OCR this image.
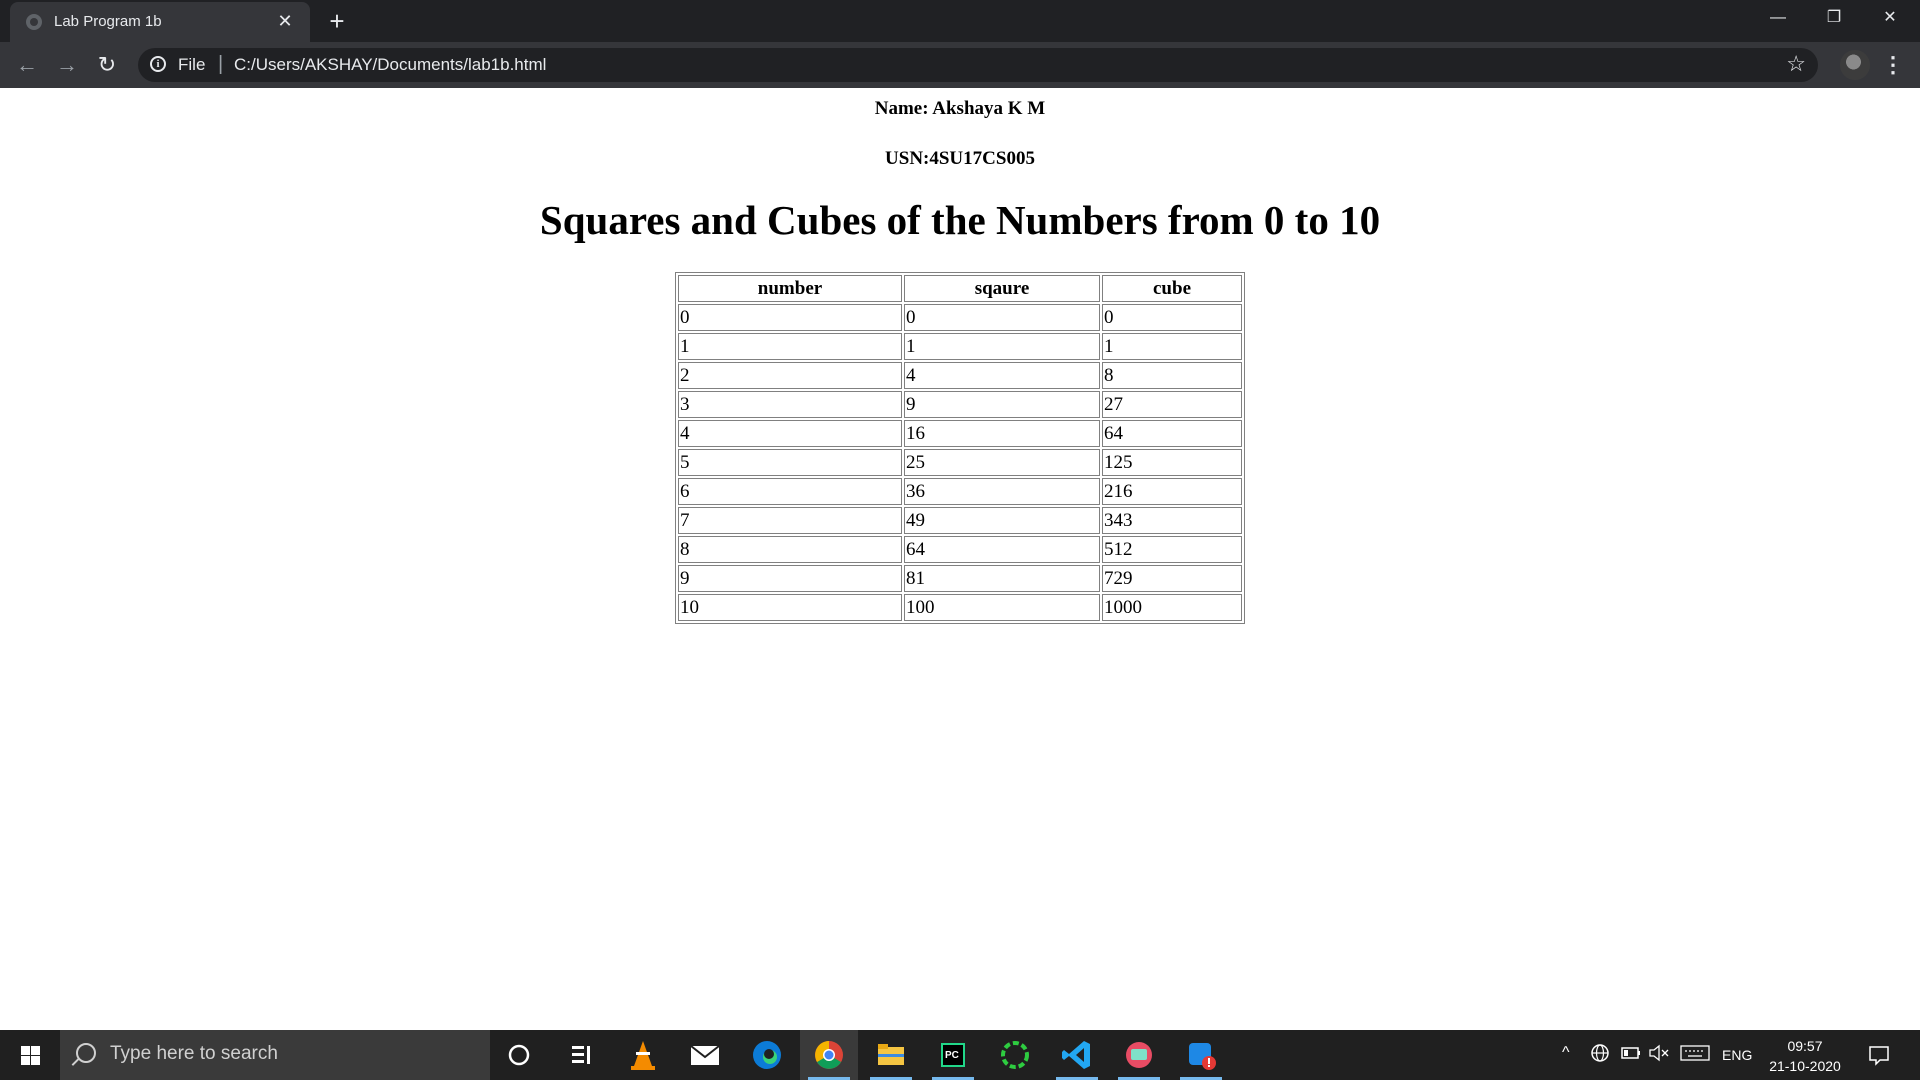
Lab Program 1b	✕ +	—	❐	✕
← → ↻	i	File | C:/Users/AKSHAY/Documents/lab1b.html	☆	⋮
Name: Akshaya K M
USN:4SU17CS005
Squares and Cubes of the Numbers from 0 to 10
number	sqaure	cube
0	0	0
1	1	1
2	4	8
3	9	27
4	16	64
5	25	125
6	36	216
7	49	343
8	64	512
9	81	729
10	100	1000
Type here to search	PC	^	ENG
09:57
21-10-2020
